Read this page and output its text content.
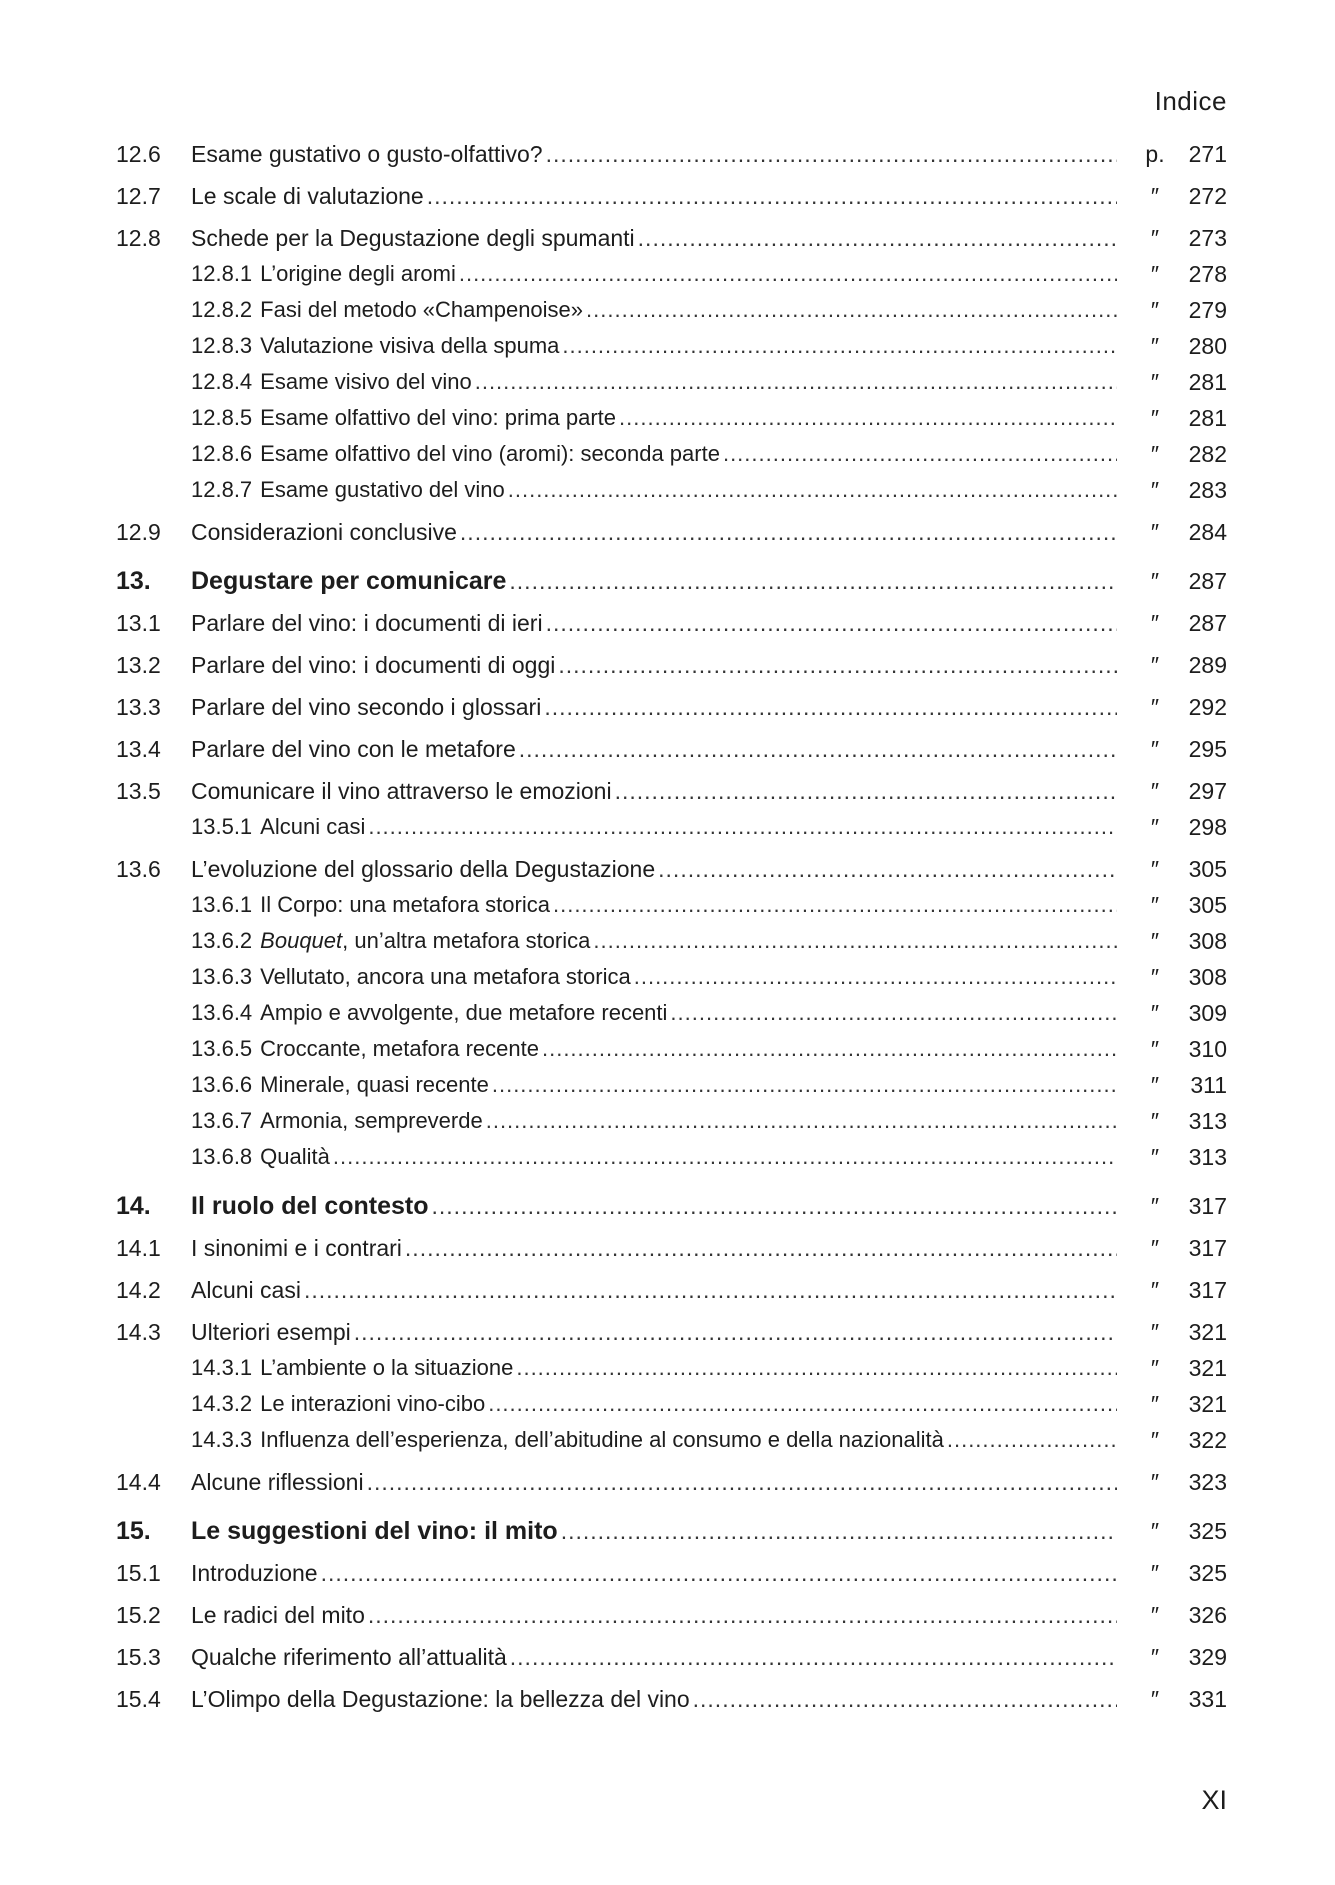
Indice
12.6 Esame gustativo o gusto-olfattivo? .....	p.	271
12.7 Le scale di valutazione .....	″	272
12.8 Schede per la Degustazione degli spumanti .....	″	273
12.8.1 L’origine degli aromi .....	″	278
12.8.2 Fasi del metodo «Champenoise» .....	″	279
12.8.3 Valutazione visiva della spuma .....	″	280
12.8.4 Esame visivo del vino .....	″	281
12.8.5 Esame olfattivo del vino: prima parte .....	″	281
12.8.6 Esame olfattivo del vino (aromi): seconda parte .....	″	282
12.8.7 Esame gustativo del vino .....	″	283
12.9 Considerazioni conclusive .....	″	284
13. Degustare per comunicare .....	″	287
13.1 Parlare del vino: i documenti di ieri .....	″	287
13.2 Parlare del vino: i documenti di oggi .....	″	289
13.3 Parlare del vino secondo i glossari .....	″	292
13.4 Parlare del vino con le metafore .....	″	295
13.5 Comunicare il vino attraverso le emozioni .....	″	297
13.5.1 Alcuni casi .....	″	298
13.6 L’evoluzione del glossario della Degustazione .....	″	305
13.6.1 Il Corpo: una metafora storica .....	″	305
13.6.2 Bouquet, un’altra metafora storica .....	″	308
13.6.3 Vellutato, ancora una metafora storica .....	″	308
13.6.4 Ampio e avvolgente, due metafore recenti .....	″	309
13.6.5 Croccante, metafora recente .....	″	310
13.6.6 Minerale, quasi recente .....	″	311
13.6.7 Armonia, sempreverde .....	″	313
13.6.8 Qualità .....	″	313
14. Il ruolo del contesto .....	″	317
14.1 I sinonimi e i contrari .....	″	317
14.2 Alcuni casi .....	″	317
14.3 Ulteriori esempi .....	″	321
14.3.1 L’ambiente o la situazione .....	″	321
14.3.2 Le interazioni vino-cibo .....	″	321
14.3.3 Influenza dell’esperienza, dell’abitudine al consumo e della nazionalità .....	″	322
14.4 Alcune riflessioni .....	″	323
15. Le suggestioni del vino: il mito .....	″	325
15.1 Introduzione .....	″	325
15.2 Le radici del mito .....	″	326
15.3 Qualche riferimento all’attualità .....	″	329
15.4 L’Olimpo della Degustazione: la bellezza del vino .....	″	331
XI
